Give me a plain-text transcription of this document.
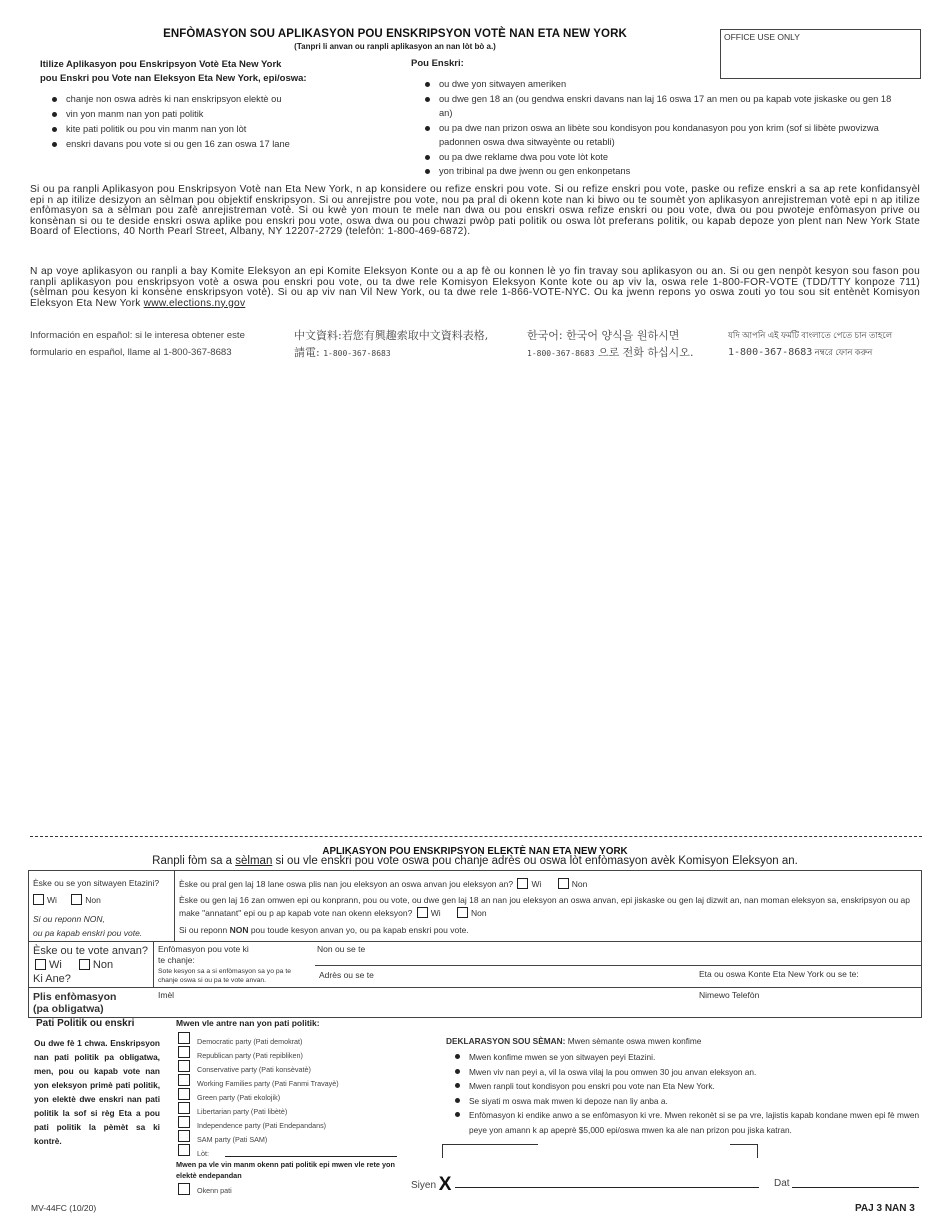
ENFÒMASYON SOU APLIKASYON POU ENSKRIPSYON VOTÈ NAN ETA NEW YORK
(Tanpri li anvan ou ranpli aplikasyon an nan lòt bò a.)
OFFICE USE ONLY
Itilize Aplikasyon pou Enskripsyon Votè Eta New York
pou Enskri pou Vote nan Eleksyon Eta New York, epi/oswa:
chanje non oswa adrès ki nan enskripsyon elektè ou
vin yon manm nan yon pati politik
kite pati politik ou pou vin manm nan yon lòt
enskri davans pou vote si ou gen 16 zan oswa 17 lane
Pou Enskri:
ou dwe yon sitwayen ameriken
ou dwe gen 18 an (ou gendwa enskri davans nan laj 16 oswa 17 an men ou pa kapab vote jiskaske ou gen 18 an)
ou pa dwe nan prizon oswa an libète sou kondisyon pou kondanasyon pou yon krim (sof si libète pwovizwa padonnen oswa dwa sitwayènte ou retabli)
ou pa dwe reklame dwa pou vote lòt kote
yon tribinal pa dwe jwenn ou gen enkonpetans
Si ou pa ranpli Aplikasyon pou Enskripsyon Votè nan Eta New York, n ap konsidere ou refize enskri pou vote. Si ou refize enskri pou vote, paske ou refize enskri a sa ap rete konfidansyèl epi n ap itilize desizyon an sèlman pou objektif enskripsyon. Si ou anrejistre pou vote, nou pa pral di okenn kote nan ki biwo ou te soumèt yon aplikasyon anrejistreman votè epi n ap itilize enfòmasyon sa a sèlman pou zafè anrejistreman votè. Si ou kwè yon moun te mele nan dwa ou pou enskri oswa refize enskri ou pou vote, dwa ou pou pwoteje enfòmasyon prive ou konsènan si ou te deside enskri oswa aplike pou enskri pou vote, oswa dwa ou pou chwazi pwòp pati politik ou oswa lòt preferans politik, ou kapab depoze yon plent nan New York State Board of Elections, 40 North Pearl Street, Albany, NY 12207-2729 (telefòn: 1-800-469-6872).
N ap voye aplikasyon ou ranpli a bay Komite Eleksyon an epi Komite Eleksyon Konte ou a ap fè ou konnen lè yo fin travay sou aplikasyon ou an. Si ou gen nenpòt kesyon sou fason pou ranpli aplikasyon pou enskripsyon votè a oswa pou enskri pou vote, ou ta dwe rele Komisyon Eleksyon Konte kote ou ap viv la, oswa rele 1-800-FOR-VOTE (TDD/TTY konpoze 711) (sèlman pou kesyon ki konsène enskripsyon votè). Si ou ap viv nan Vil New York, ou ta dwe rele 1-866-VOTE-NYC. Ou ka jwenn repons yo oswa zouti yo tou sou sit entènèt Komisyon Eleksyon Eta New York www.elections.ny.gov
Información en español: si le interesa obtener este
formulario en español, llame al 1-800-367-8683
中文資料:若您有興趣索取中文資料表格,
請電: 1-800-367-8683
한국어: 한국어 양식을 원하시면
1-800-367-8683 으로 전화 하십시오.
যদি আপনি এই ফর্মটি বাংলাতে পেতে চান তাহলে
1-800-367-8683 নম্বরে ফোন করুন
APLIKASYON POU ENSKRIPSYON ELEKTÈ NAN ETA NEW YORK
Ranpli fòm sa a sèlman si ou vle enskri pou vote oswa pou chanje adrès ou oswa lòt enfòmasyon avèk Komisyon Eleksyon an.
Èske ou se yon sitwayen Etazini?
Wi	Non
Si ou reponn NON,
ou pa kapab enskri pou vote.
Èske ou pral gen laj 18 lane oswa plis nan jou eleksyon an oswa anvan jou eleksyon an? Wi	Non
Èske ou gen laj 16 zan omwen epi ou konprann, pou ou vote, ou dwe gen laj 18 an nan jou eleksyon an oswa anvan, epi jiskaske ou gen laj dizwit an, nan moman eleksyon sa, enskripsyon ou ap make "annatant" epi ou p ap kapab vote nan okenn eleksyon? Wi	Non
Si ou reponn NON pou toude kesyon anvan yo, ou pa kapab enskri pou vote.
Èske ou te vote anvan?
Wi	Non
Ki Ane?
Enfòmasyon pou vote ki
te chanje:
Sote kesyon sa a si enfòmasyon sa yo pa te chanje oswa si ou pa te vote anvan.
Non ou se te
Adrès ou se te	Eta ou oswa Konte Eta New York ou se te:
Plis enfòmasyon
(pa obligatwa)
Imèl	Nimewo Telefòn
Pati Politik ou enskri
Ou dwe fè 1 chwa. Enskripsyon nan pati politik pa obligatwa, men, pou ou kapab vote nan yon eleksyon primè pati politik, yon elektè dwe enskri nan pati politik la sof si règ Eta a pou pati politik la pèmèt sa ki kontrè.
Mwen vle antre nan yon pati politik:
Democratic party (Pati demokrat)
Republican party (Pati repibliken)
Conservative party (Pati konsèvatè)
Working Families party (Pati Fanmi Travayè)
Green party (Pati ekolojik)
Libertarian party (Pati libètè)
Independence party (Pati Endepandans)
SAM party (Pati SAM)
Lòt:
Mwen pa vle vin manm okenn pati politik epi mwen vle rete yon elektè endepandan
Okenn pati
DEKLARASYON SOU SÈMAN: Mwen sèmante oswa mwen konfime
Mwen konfime mwen se yon sitwayen peyi Etazini.
Mwen viv nan peyi a, vil la oswa vilaj la pou omwen 30 jou anvan eleksyon an.
Mwen ranpli tout kondisyon pou enskri pou vote nan Eta New York.
Se siyati m oswa mak mwen ki depoze nan liy anba a.
Enfòmasyon ki endike anwo a se enfòmasyon ki vre. Mwen rekonèt si se pa vre, lajistis kapab kondane mwen epi fè mwen peye yon amann k ap apeprè $5,000 epi/oswa mwen ka ale nan prizon pou jiska katran.
Siyen X	Dat
MV-44FC (10/20)	PAJ 3 NAN 3
